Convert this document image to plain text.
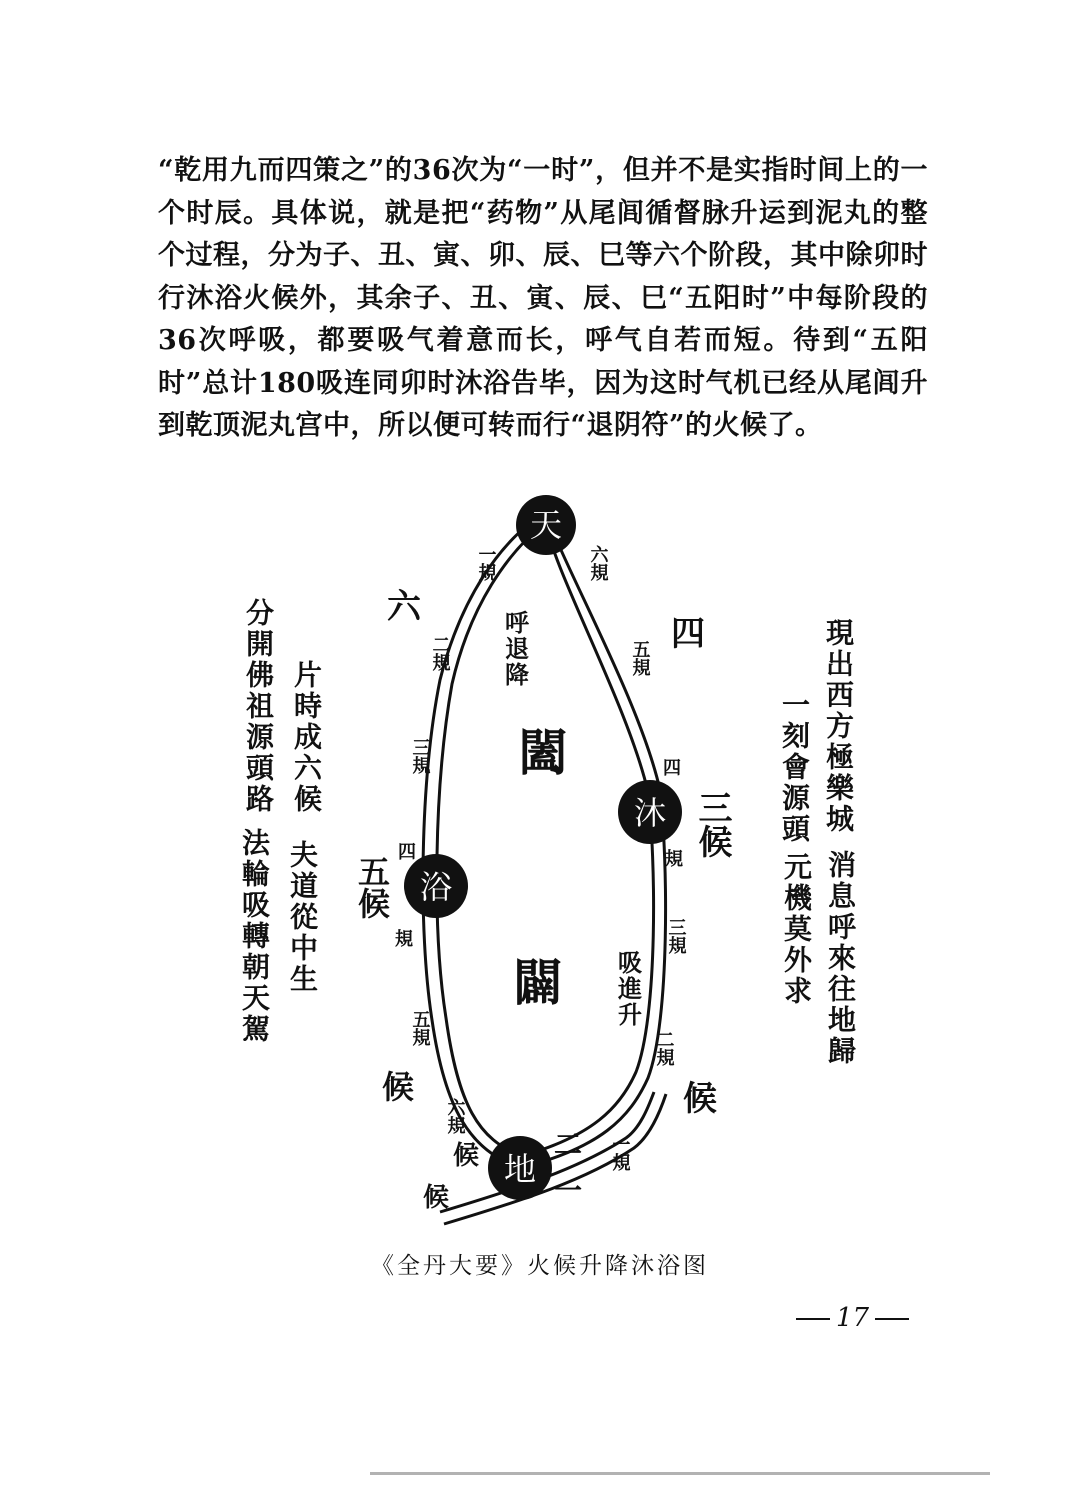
“乾用九而四策之”的36次为“一时”，但并不是实指时间上的一个时辰。具体说，就是把“药物”从尾闾循督脉升运到泥丸的整个过程，分为子、丑、寅、卯、辰、巳等六个阶段，其中除卯时行沐浴火候外，其余子、丑、寅、辰、巳“五阳时”中每阶段的36次呼吸，都要吸气着意而长，呼气自若而短。待到“五阳时”总计180吸连同卯时沐浴告毕，因为这时气机已经从尾闾升到乾顶泥丸宫中，所以便可转而行“退阴符”的火候了。

天
沐
浴
地
闔
闢
呼退降
吸進升
一規
二規
三規
四
規
五規
六規
六規
五規
四
規
三規
二規
一規
四
三候
候
六
五候
候
候
候
二
一
分開佛祖源頭路 片時成六候
法輪吸轉朝天駕 夫道從中生
現出西方極樂城
一刻會源頭
消息呼來往地歸
元機莫外求
《全丹大要》火候升降沐浴图
17
